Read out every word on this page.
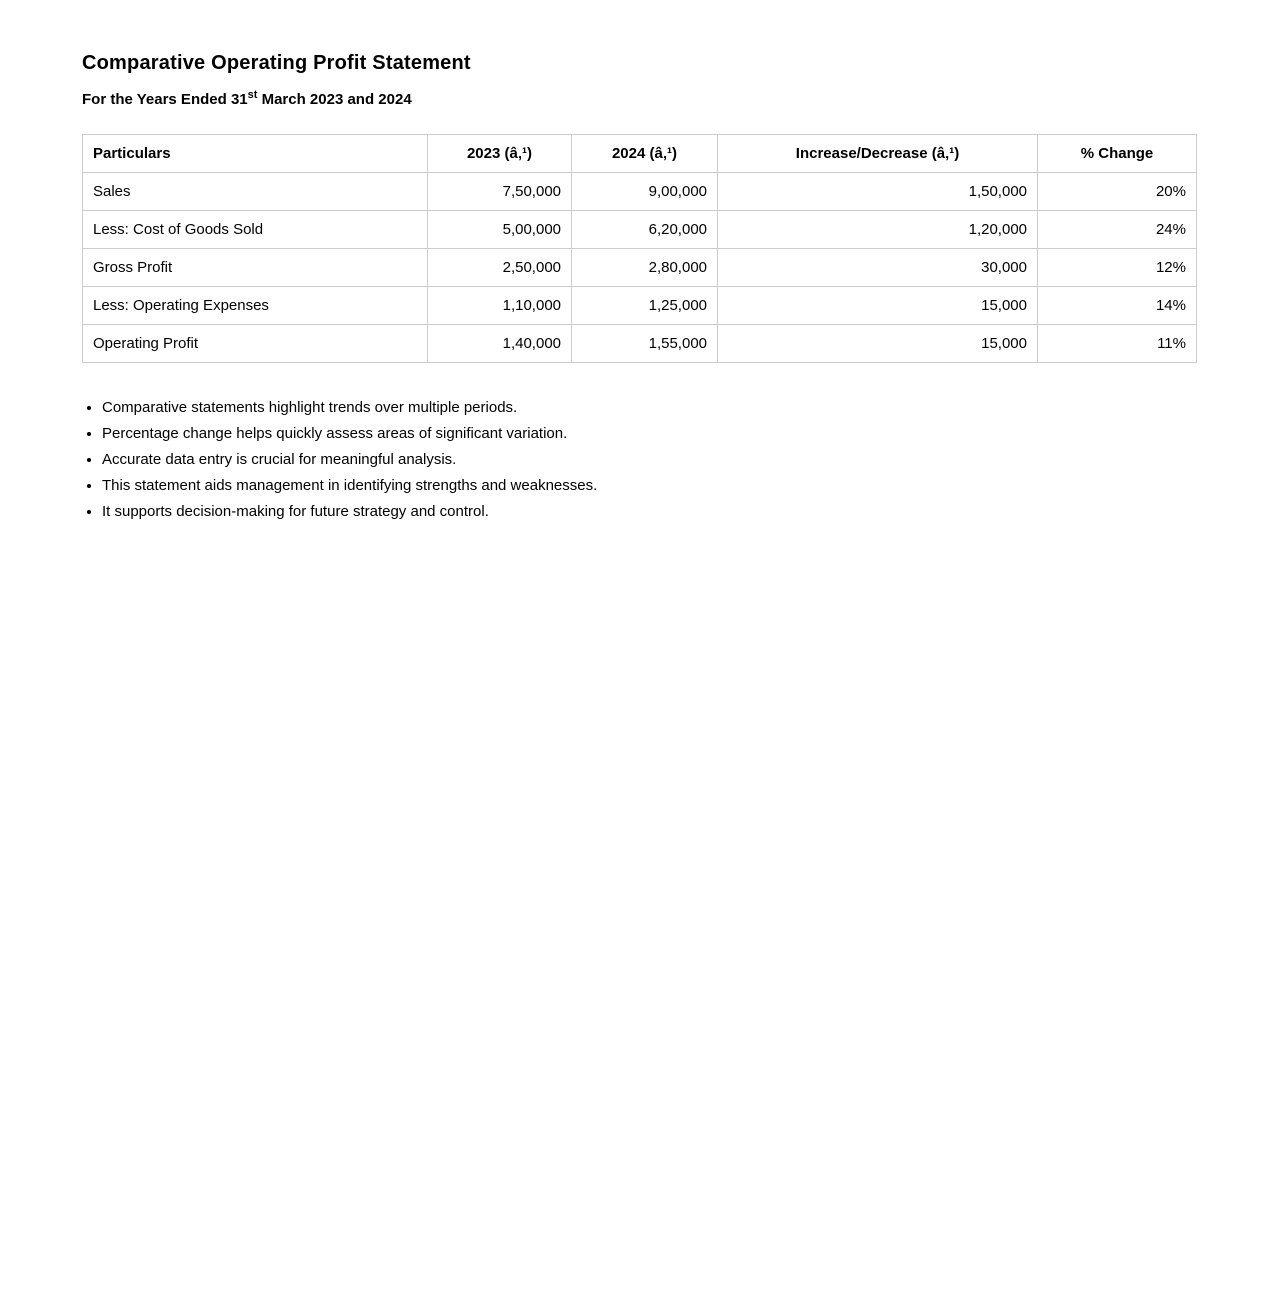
Comparative Operating Profit Statement

For the Years Ended 31st March 2023 and 2024

Particulars	2023 (â‚¹)	2024 (â‚¹)	Increase/Decrease (â‚¹)	% Change
Sales	7,50,000	9,00,000	1,50,000	20%
Less: Cost of Goods Sold	5,00,000	6,20,000	1,20,000	24%
Gross Profit	2,50,000	2,80,000	30,000	12%
Less: Operating Expenses	1,10,000	1,25,000	15,000	14%
Operating Profit	1,40,000	1,55,000	15,000	11%
• Comparative statements highlight trends over multiple periods.
• Percentage change helps quickly assess areas of significant variation.
• Accurate data entry is crucial for meaningful analysis.
• This statement aids management in identifying strengths and weaknesses.
• It supports decision-making for future strategy and control.
